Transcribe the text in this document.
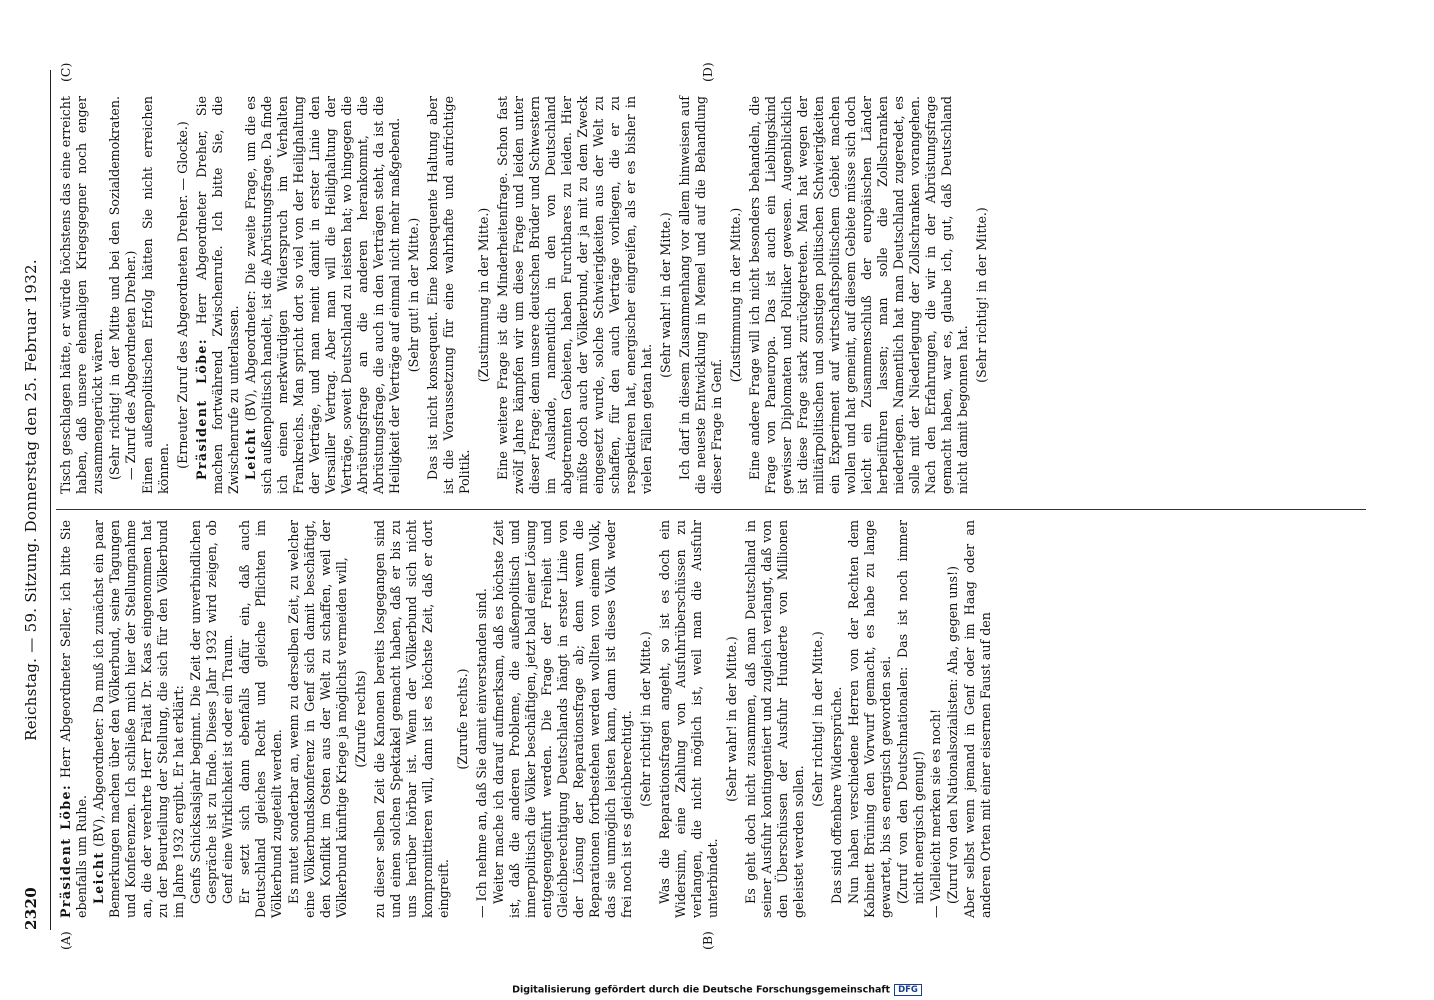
2320
Reichstag. — 59. Sitzung. Donnerstag den 25. Februar 1932.
(A)	(B)
(C)	(D)

Präsident Löbe: Herr Abgeordneter Seller, ich bitte Sie ebenfalls um Ruhe. Leicht (BV), Abgeordneter: Da muß ich zunächst ein paar Bemerkungen machen über den Völkerbund, seine Tagungen und Konferenzen. Ich schließe mich hier der Stellungnahme an, die der verehrte Herr Prälat Dr. Kaas eingenommen hat zu der Beurteilung der Stellung, die sich für den Völkerbund im Jahre 1932 ergibt. Er hat erklärt: Genfs Schicksalsjahr beginnt. Die Zeit der unverbindlichen Gespräche ist zu Ende. Dieses Jahr 1932 wird zeigen, ob Genf eine Wirklichkeit ist oder ein Traum. Er setzt sich dann ebenfalls dafür ein, daß auch Deutschland gleiches Recht und gleiche Pflichten im Völkerbund zugeteilt werden. Es mutet sonderbar an, wenn zu derselben Zeit, zu welcher eine Völkerbundskonferenz in Genf sich damit beschäftigt, den Konflikt im Osten aus der Welt zu schaffen, weil der Völkerbund künftige Kriege ja möglichst vermeiden will, (Zurufe rechts) zu dieser selben Zeit die Kanonen bereits losgegangen sind und einen solchen Spektakel gemacht haben, daß er bis zu uns herüber hörbar ist. Wenn der Völkerbund sich nicht kompromittieren will, dann ist es höchste Zeit, daß er dort eingreift.

(Zurufe rechts.) — Ich nehme an, daß Sie damit einverstanden sind. Weiter mache ich darauf aufmerksam, daß es höchste Zeit ist, daß die anderen Probleme, die außenpolitisch und innerpolitisch die Völker beschäftigen, jetzt bald einer Lösung entgegengeführt werden. Die Frage der Freiheit und Gleichberechtigung Deutschlands hängt in erster Linie von der Lösung der Reparationsfrage ab; denn wenn die Reparationen fortbestehen werden wollten von einem Volk, das sie unmöglich leisten kann, dann ist dieses Volk weder frei noch ist es gleichberechtigt. (Sehr richtig! in der Mitte.) Was die Reparationsfragen angeht, so ist es doch ein Widersinn, eine Zahlung von Ausfuhrüberschüssen zu verlangen, die nicht möglich ist, weil man die Ausfuhr unterbindet.

(Sehr wahr! in der Mitte.) Es geht doch nicht zusammen, daß man Deutschland in seiner Ausfuhr kontingentiert und zugleich verlangt, daß von den Überschüssen der Ausfuhr Hunderte von Millionen geleistet werden sollen.

(Sehr richtig! in der Mitte.) Das sind offenbare Widersprüche. Nun haben verschiedene Herren von der Rechten dem Kabinett Brüning den Vorwurf gemacht, es habe zu lange gewartet, bis es energisch geworden sei. (Zuruf von den Deutschnationalen: Das ist noch immer nicht energisch genug!) — Vielleicht merken sie es noch! (Zuruf von den Nationalsozialisten: Aha, gegen uns!) Aber selbst wenn jemand in Genf oder im Haag oder an anderen Orten mit einer eisernen Faust auf den

Tisch geschlagen hätte, er würde höchstens das eine erreicht haben, daß unsere ehemaligen Kriegsgegner noch enger zusammengerückt wären. (Sehr richtig! in der Mitte und bei den Sozialdemokraten. — Zuruf des Abgeordneten Dreher.) Einen außenpolitischen Erfolg hätten Sie nicht erreichen können. (Erneuter Zuruf des Abgeordneten Dreher. — Glocke.) Präsident Löbe: Herr Abgeordneter Dreher, Sie machen fortwährend Zwischenrufe. Ich bitte Sie, die Zwischenrufe zu unterlassen. Leicht (BV), Abgeordneter: Die zweite Frage, um die es sich außenpolitisch handelt, ist die Abrüstungsfrage. Da finde ich einen merkwürdigen Widerspruch im Verhalten Frankreichs. Man spricht dort so viel von der Heilighaltung der Verträge, und man meint damit in erster Linie den Versailler Vertrag. Aber man will die Heilighaltung der Verträge, soweit Deutschland zu leisten hat; wo hingegen die Abrüstungsfrage an die anderen herankommt, die Abrüstungsfrage, die auch in den Verträgen steht, da ist die Heiligkeit der Verträge auf einmal nicht mehr maßgebend. (Sehr gut! in der Mitte.) Das ist nicht konsequent. Eine konsequente Haltung aber ist die Voraussetzung für eine wahrhafte und aufrichtige Politik.

(Zustimmung in der Mitte.) Eine weitere Frage ist die Minderheitenfrage. Schon fast zwölf Jahre kämpfen wir um diese Frage und leiden unter dieser Frage; denn unsere deutschen Brüder und Schwestern im Auslande, namentlich in den von Deutschland abgetrennten Gebieten, haben Furchtbares zu leiden. Hier müßte doch auch der Völkerbund, der ja mit zu dem Zweck eingesetzt wurde, solche Schwierigkeiten aus der Welt zu schaffen, für den auch Verträge vorliegen, die er zu respektieren hat, energischer eingreifen, als er es bisher in vielen Fällen getan hat.

(Sehr wahr! in der Mitte.) Ich darf in diesem Zusammenhang vor allem hinweisen auf die neueste Entwicklung in Memel und auf die Behandlung dieser Frage in Genf.

(Zustimmung in der Mitte.) Eine andere Frage will ich nicht besonders behandeln, die Frage von Paneuropa. Das ist auch ein Lieblingskind gewisser Diplomaten und Politiker gewesen. Augenblicklich ist diese Frage stark zurückgetreten. Man hat wegen der militärpolitischen und sonstigen politischen Schwierigkeiten ein Experiment auf wirtschaftspolitischem Gebiet machen wollen und hat gemeint, auf diesem Gebiete müsse sich doch leicht ein Zusammenschluß der europäischen Länder herbeiführen lassen; man solle die Zollschranken niederlegen. Namentlich hat man Deutschland zugeredet, es solle mit der Niederlegung der Zollschranken vorangehen. Nach den Erfahrungen, die wir in der Abrüstungsfrage gemacht haben, war es, glaube ich, gut, daß Deutschland nicht damit begonnen hat.

(Sehr richtig! in der Mitte.)

Digitalisierung gefördert durch die Deutsche Forschungsgemeinschaft DFG
